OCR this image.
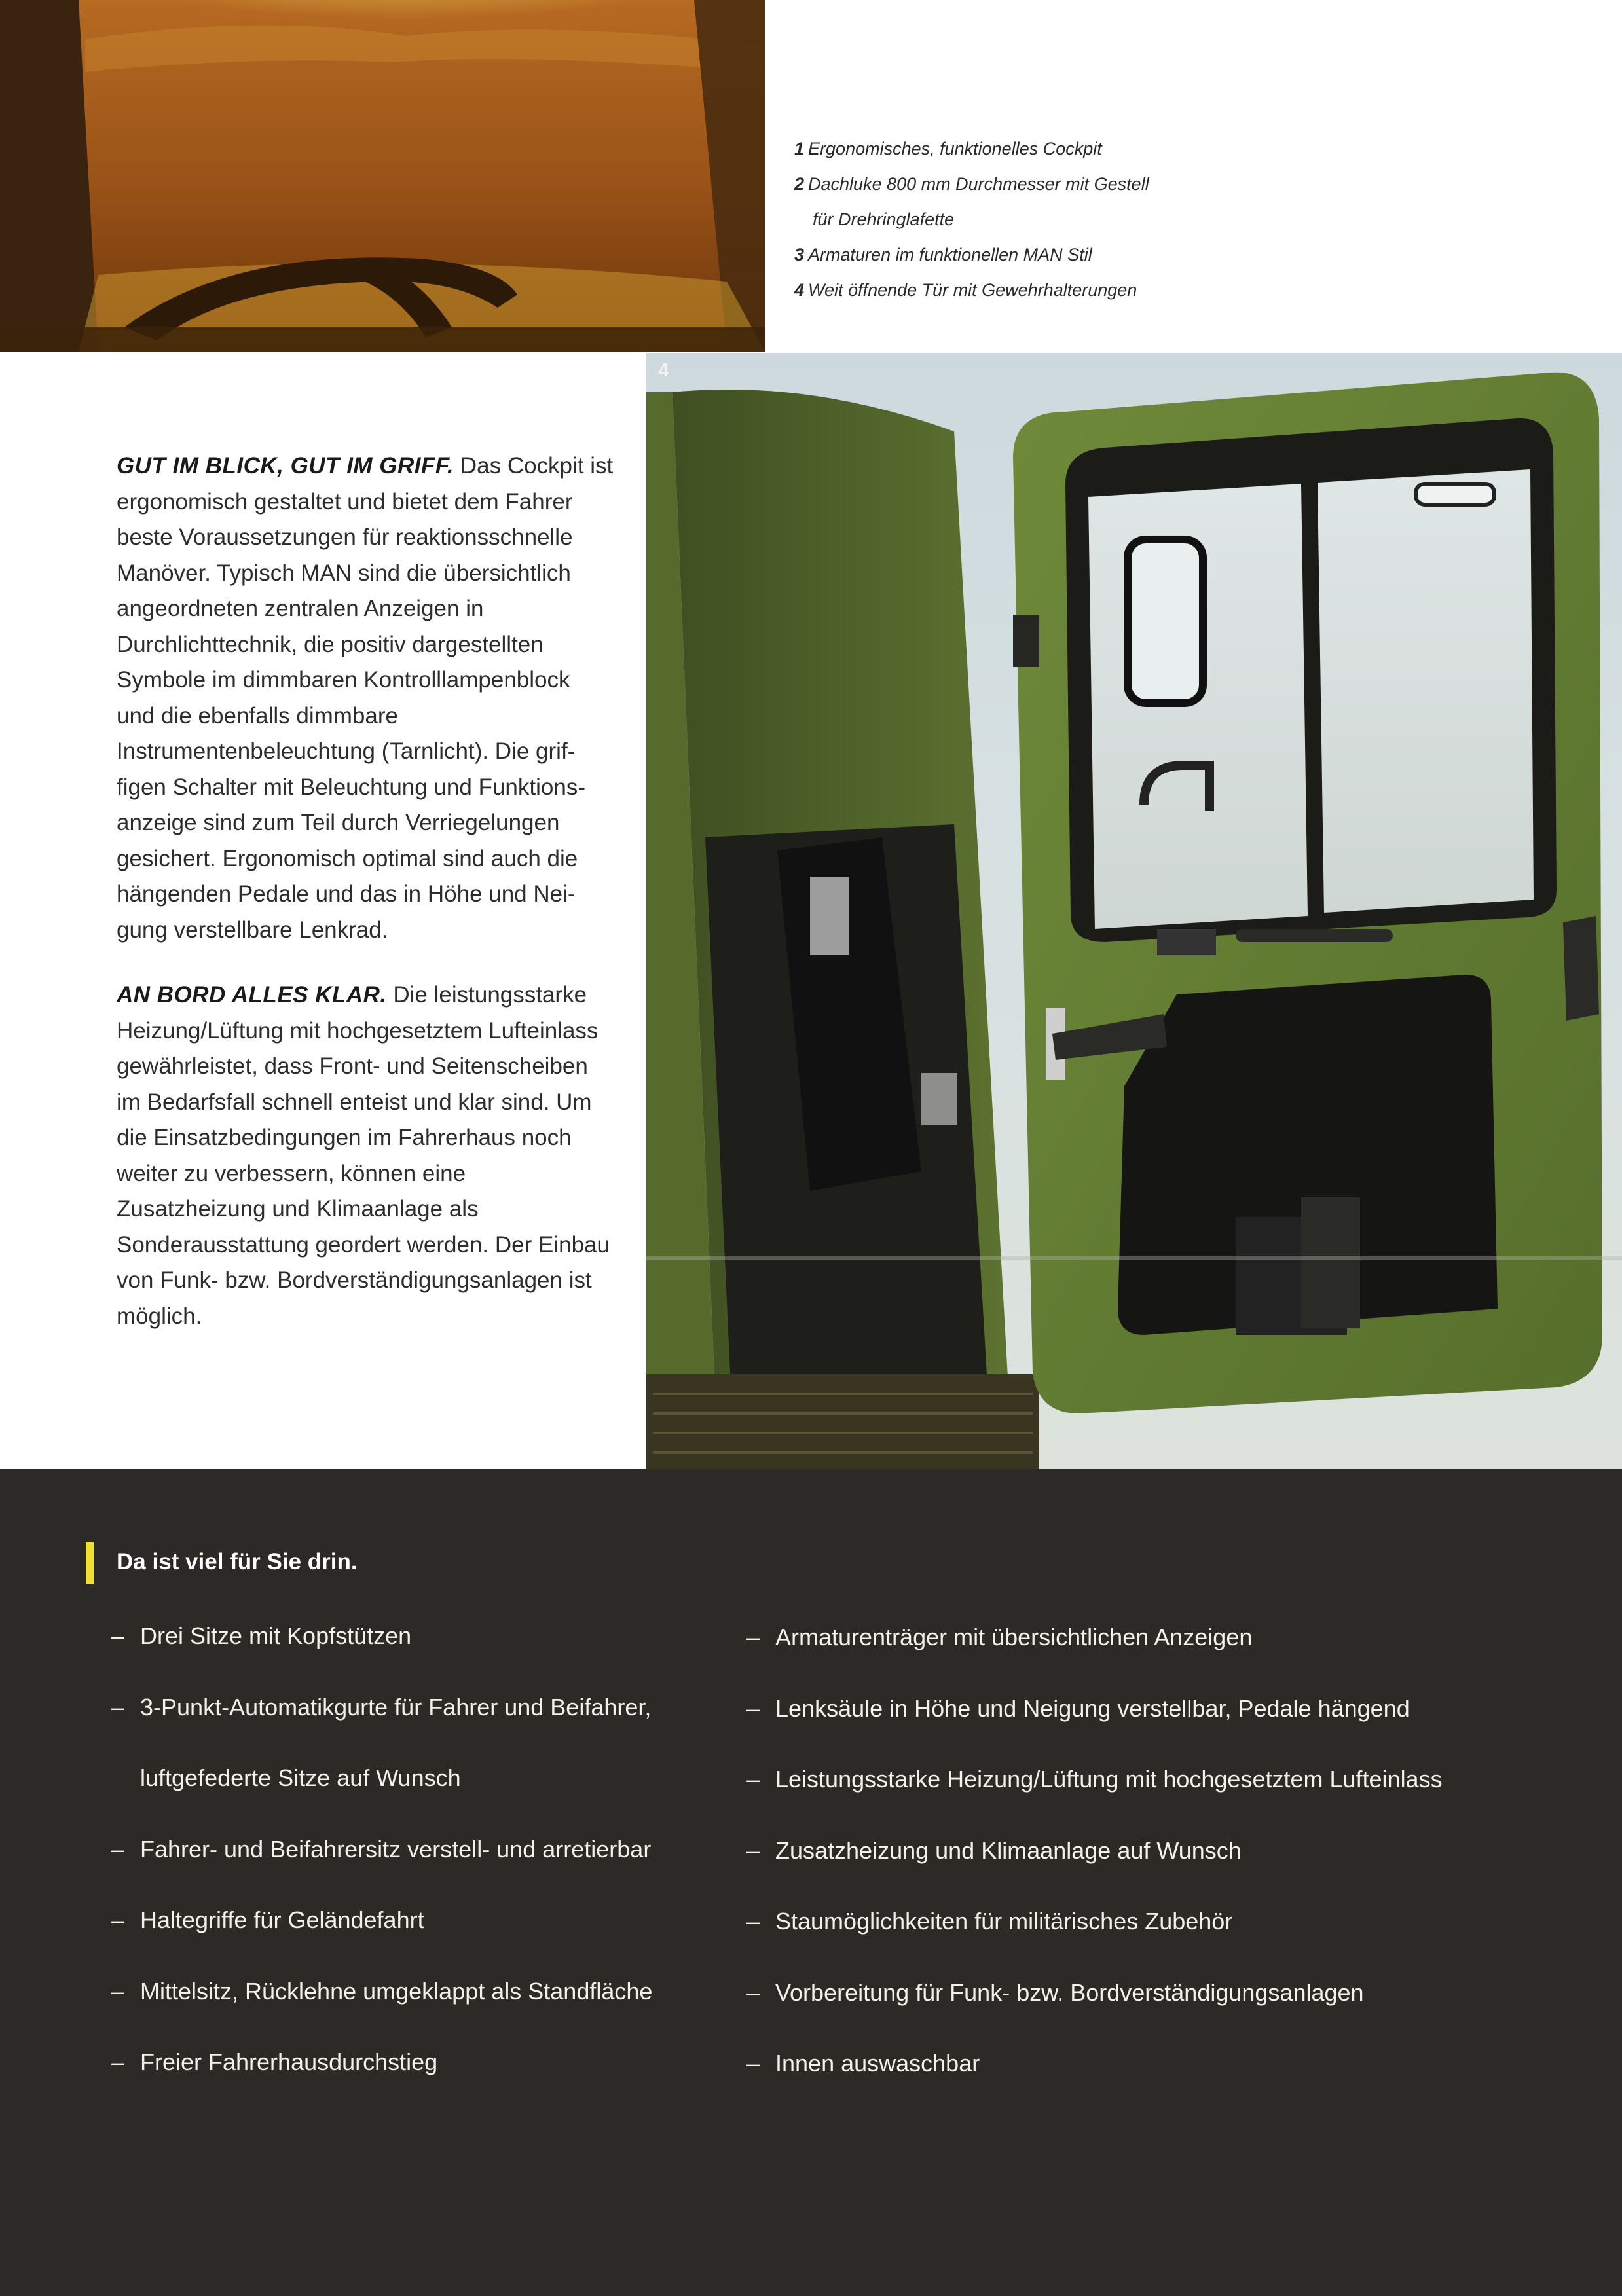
1 Ergonomisches, funktionelles Cockpit
2 Dachluke 800 mm Durchmesser mit Gestell
für Drehringlafette
3 Armaturen im funktionellen MAN Stil
4 Weit öffnende Tür mit Gewehrhalterungen

GUT IM BLICK, GUT IM GRIFF. Das Cockpit ist ergonomisch gestaltet und bietet dem Fahrer beste Voraussetzungen für reaktionsschnelle Manöver. Typisch MAN sind die übersichtlich angeordneten zentralen Anzeigen in Durchlichttechnik, die positiv dargestellten Symbole im dimmbaren Kontrolllampenblock und die ebenfalls dimmbare Instrumentenbeleuchtung (Tarnlicht). Die griffigen Schalter mit Beleuchtung und Funktionsanzeige sind zum Teil durch Verriegelungen gesichert. Ergonomisch optimal sind auch die hängenden Pedale und das in Höhe und Neigung verstellbare Lenkrad.

AN BORD ALLES KLAR. Die leistungsstarke Heizung/Lüftung mit hochgesetztem Lufteinlass gewährleistet, dass Front- und Seitenscheiben im Bedarfsfall schnell enteist und klar sind. Um die Einsatzbedingungen im Fahrerhaus noch weiter zu verbessern, können eine Zusatzheizung und Klimaanlage als Sonderausstattung geordert werden. Der Einbau von Funk- bzw. Bordverständigungsanlagen ist möglich.

4
Da ist viel für Sie drin.
– Drei Sitze mit Kopfstützen
– 3-Punkt-Automatikgurte für Fahrer und Beifahrer,
luftgefederte Sitze auf Wunsch
– Fahrer- und Beifahrersitz verstell- und arretierbar
– Haltegriffe für Geländefahrt
– Mittelsitz, Rücklehne umgeklappt als Standfläche
– Freier Fahrerhausdurchstieg
– Armaturenträger mit übersichtlichen Anzeigen
– Lenksäule in Höhe und Neigung verstellbar, Pedale hängend
– Leistungsstarke Heizung/Lüftung mit hochgesetztem Lufteinlass
– Zusatzheizung und Klimaanlage auf Wunsch
– Staumöglichkeiten für militärisches Zubehör
– Vorbereitung für Funk- bzw. Bordverständigungsanlagen
– Innen auswaschbar
